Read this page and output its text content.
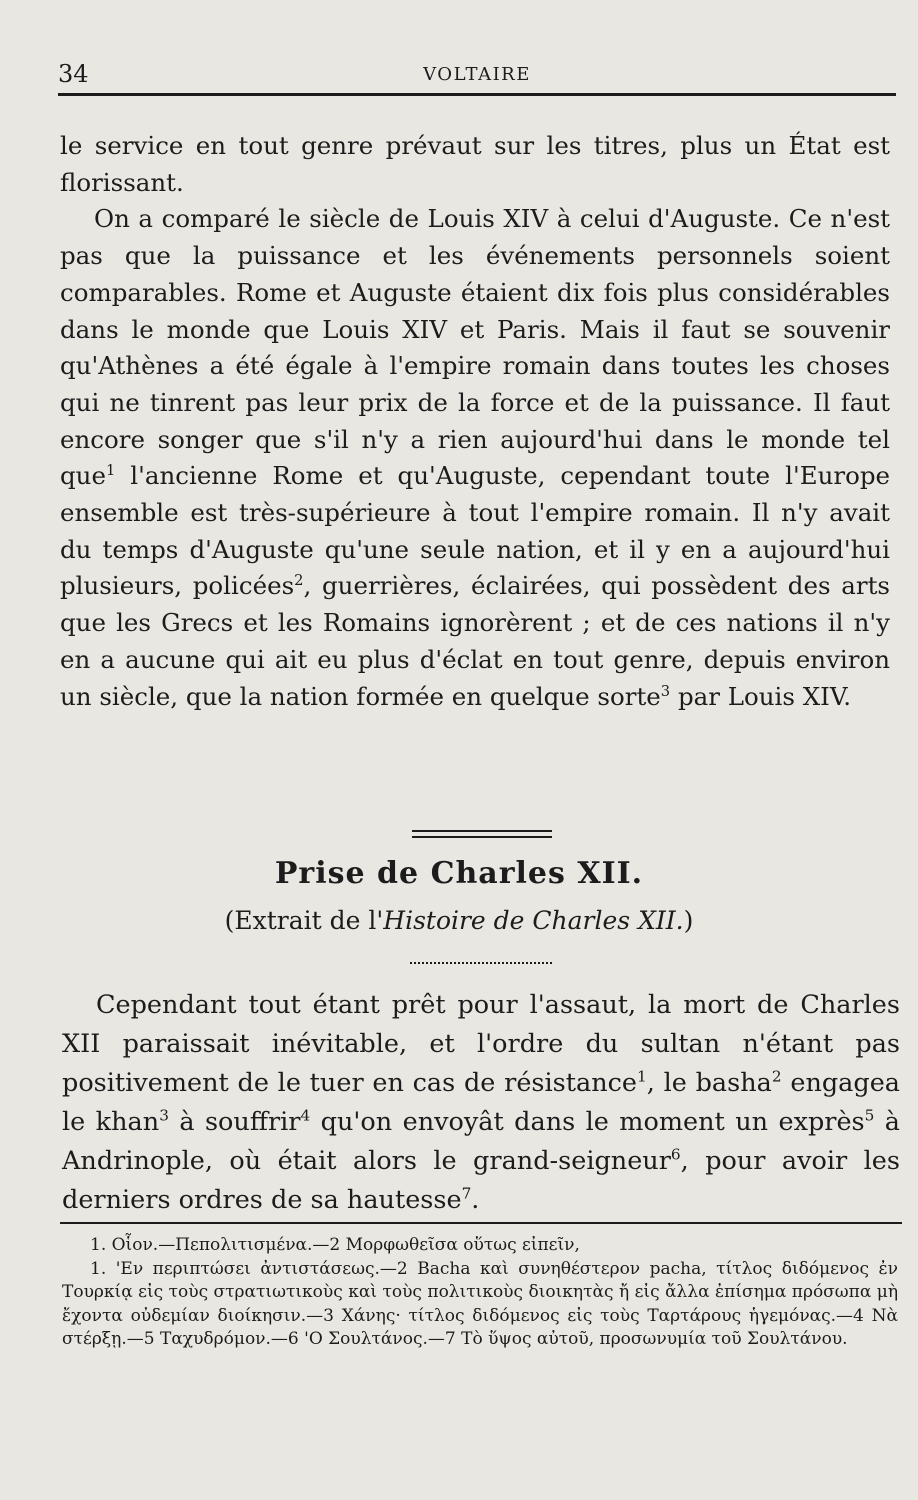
34	VOLTAIRE

le service en tout genre prévaut sur les titres, plus un État est florissant.

On a comparé le siècle de Louis XIV à celui d'Auguste. Ce n'est pas que la puissance et les événements personnels soient comparables. Rome et Auguste étaient dix fois plus considérables dans le monde que Louis XIV et Paris. Mais il faut se souvenir qu'Athènes a été égale à l'empire romain dans toutes les choses qui ne tinrent pas leur prix de la force et de la puissance. Il faut encore songer que s'il n'y a rien aujourd'hui dans le monde tel que$^1$ l'ancienne Rome et qu'Auguste, cependant toute l'Europe ensemble est très-supérieure à tout l'empire romain. Il n'y avait du temps d'Auguste qu'une seule nation, et il y en a aujourd'hui plusieurs, policées$^2$, guerrières, éclairées, qui possèdent des arts que les Grecs et les Romains ignorèrent ; et de ces nations il n'y en a aucune qui ait eu plus d'éclat en tout genre, depuis environ un siècle, que la nation formée en quelque sorte$^3$ par Louis XIV.

Prise de Charles XII.
(Extrait de l'Histoire de Charles XII.)

Cependant tout étant prêt pour l'assaut, la mort de Charles XII paraissait inévitable, et l'ordre du sultan n'étant pas positivement de le tuer en cas de résistance$^1$, le basha$^2$ engagea le khan$^3$ à souffrir$^4$ qu'on envoyât dans le moment un exprès$^5$ à Andrinople, où était alors le grand-seigneur$^6$, pour avoir les derniers ordres de sa hautesse$^7$.

1. Οἷον.—Πεπολιτισμένα.—2 Μορφωθεῖσα οὕτως εἰπεῖν,

1. 'Εν περιπτώσει ἀντιστάσεως.—2 Bacha καὶ συνηθέστερον pacha, τίτλος διδόμενος ἐν Τουρκίᾳ εἰς τοὺς στρατιωτικοὺς καὶ τοὺς πολιτικοὺς διοικητὰς ἤ εἰς ἄλλα ἐπίσημα πρόσωπα μὴ ἔχοντα οὐδεμίαν διοίκησιν.—3 Χάνης· τίτλος διδόμενος εἰς τοὺς Ταρτάρους ἡγεμόνας.—4 Νὰ στέρξῃ.—5 Ταχυδρόμον.—6 'Ο Σουλτάνος.—7 Τὸ ὕψος αὐτοῦ, προσωνυμία τοῦ Σουλτάνου.
